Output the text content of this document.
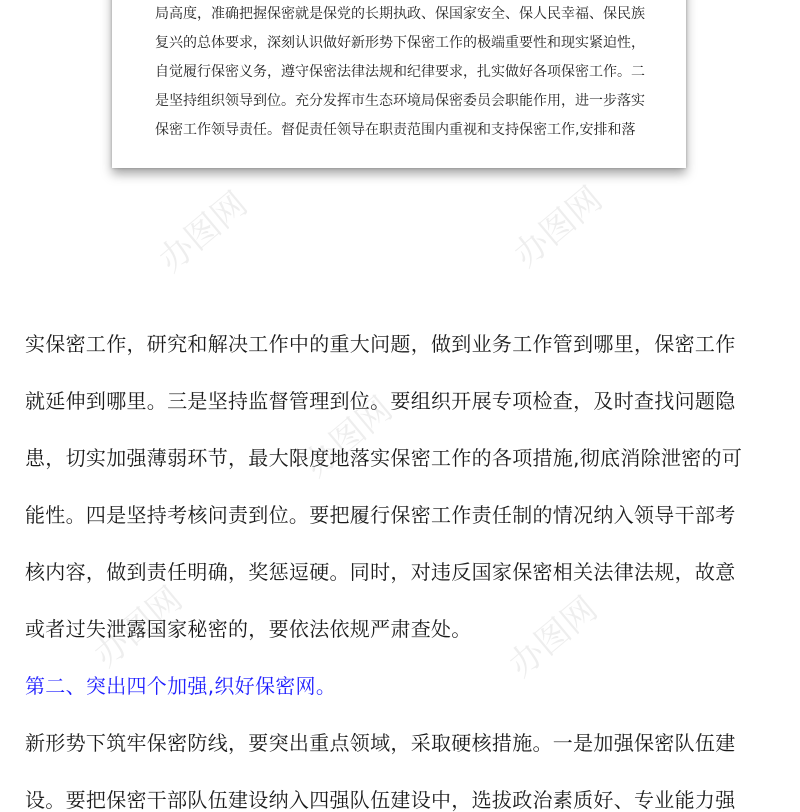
办图网	办图网
办图网
办图网	办图网
局高度，准确把握保密就是保党的长期执政、保国家安全、保人民幸福、保民族
复兴的总体要求，深刻认识做好新形势下保密工作的极端重要性和现实紧迫性，
自觉履行保密义务，遵守保密法律法规和纪律要求，扎实做好各项保密工作。二
是坚持组织领导到位。充分发挥市生态环境局保密委员会职能作用，进一步落实
保密工作领导责任。督促责任领导在职责范围内重视和支持保密工作,安排和落
实保密工作，研究和解决工作中的重大问题，做到业务工作管到哪里，保密工作
就延伸到哪里。三是坚持监督管理到位。要组织开展专项检查，及时查找问题隐
患，切实加强薄弱环节，最大限度地落实保密工作的各项措施,彻底消除泄密的可
能性。四是坚持考核问责到位。要把履行保密工作责任制的情况纳入领导干部考
核内容，做到责任明确，奖惩逗硬。同时，对违反国家保密相关法律法规，故意
或者过失泄露国家秘密的，要依法依规严肃查处。
第二、突出四个加强,织好保密网。
新形势下筑牢保密防线，要突出重点领域，采取硬核措施。一是加强保密队伍建
设。要把保密干部队伍建设纳入四强队伍建设中，选拔政治素质好、专业能力强
